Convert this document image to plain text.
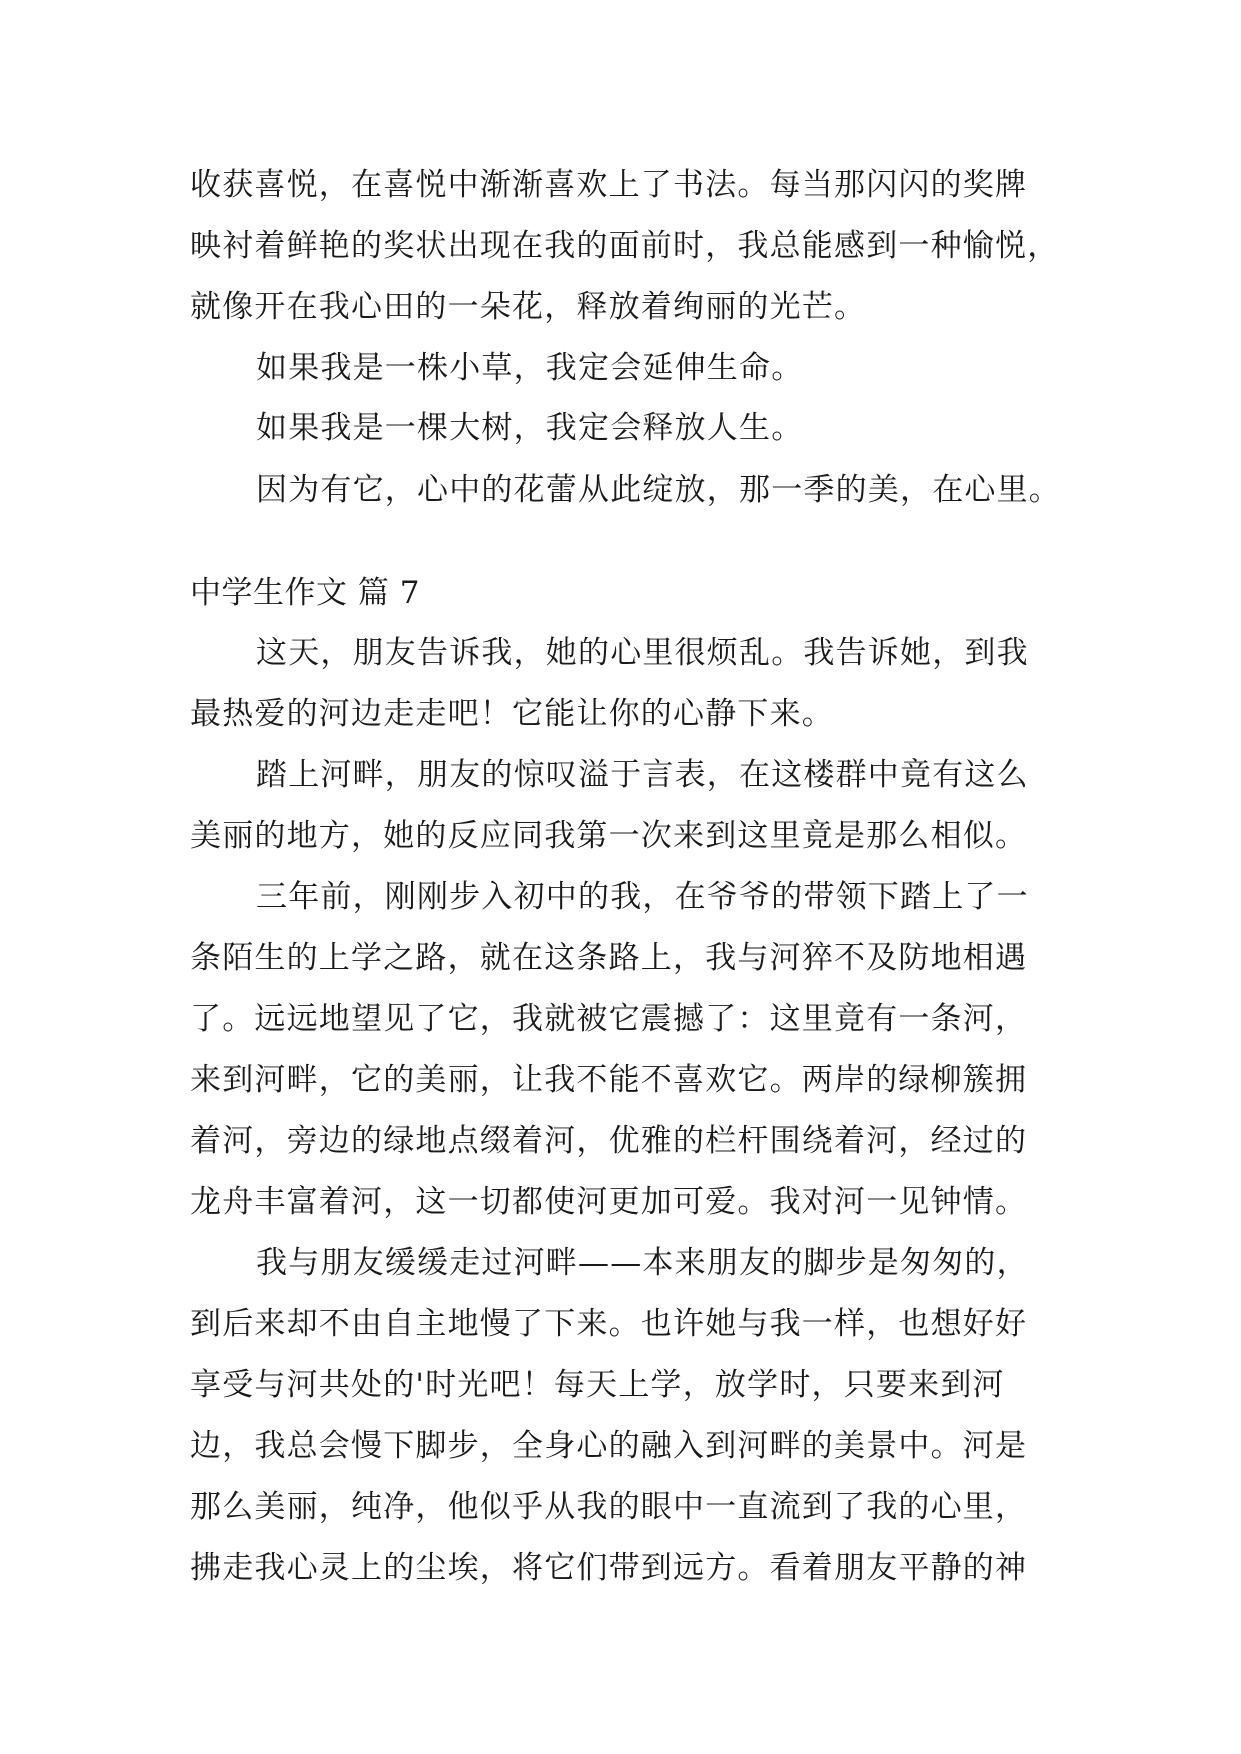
收获喜悦，在喜悦中渐渐喜欢上了书法。每当那闪闪的奖牌
映衬着鲜艳的奖状出现在我的面前时，我总能感到一种愉悦，
就像开在我心田的一朵花，释放着绚丽的光芒。
如果我是一株小草，我定会延伸生命。
如果我是一棵大树，我定会释放人生。
因为有它，心中的花蕾从此绽放，那一季的美，在心里。
中学生作文 篇 7
这天，朋友告诉我，她的心里很烦乱。我告诉她，到我
最热爱的河边走走吧！它能让你的心静下来。
踏上河畔，朋友的惊叹溢于言表，在这楼群中竟有这么
美丽的地方，她的反应同我第一次来到这里竟是那么相似。
三年前，刚刚步入初中的我，在爷爷的带领下踏上了一
条陌生的上学之路，就在这条路上，我与河猝不及防地相遇
了。远远地望见了它，我就被它震撼了：这里竟有一条河，
来到河畔，它的美丽，让我不能不喜欢它。两岸的绿柳簇拥
着河，旁边的绿地点缀着河，优雅的栏杆围绕着河，经过的
龙舟丰富着河，这一切都使河更加可爱。我对河一见钟情。
我与朋友缓缓走过河畔——本来朋友的脚步是匆匆的，
到后来却不由自主地慢了下来。也许她与我一样，也想好好
享受与河共处的'时光吧！每天上学，放学时，只要来到河
边，我总会慢下脚步，全身心的融入到河畔的美景中。河是
那么美丽，纯净，他似乎从我的眼中一直流到了我的心里，
拂走我心灵上的尘埃，将它们带到远方。看着朋友平静的神
